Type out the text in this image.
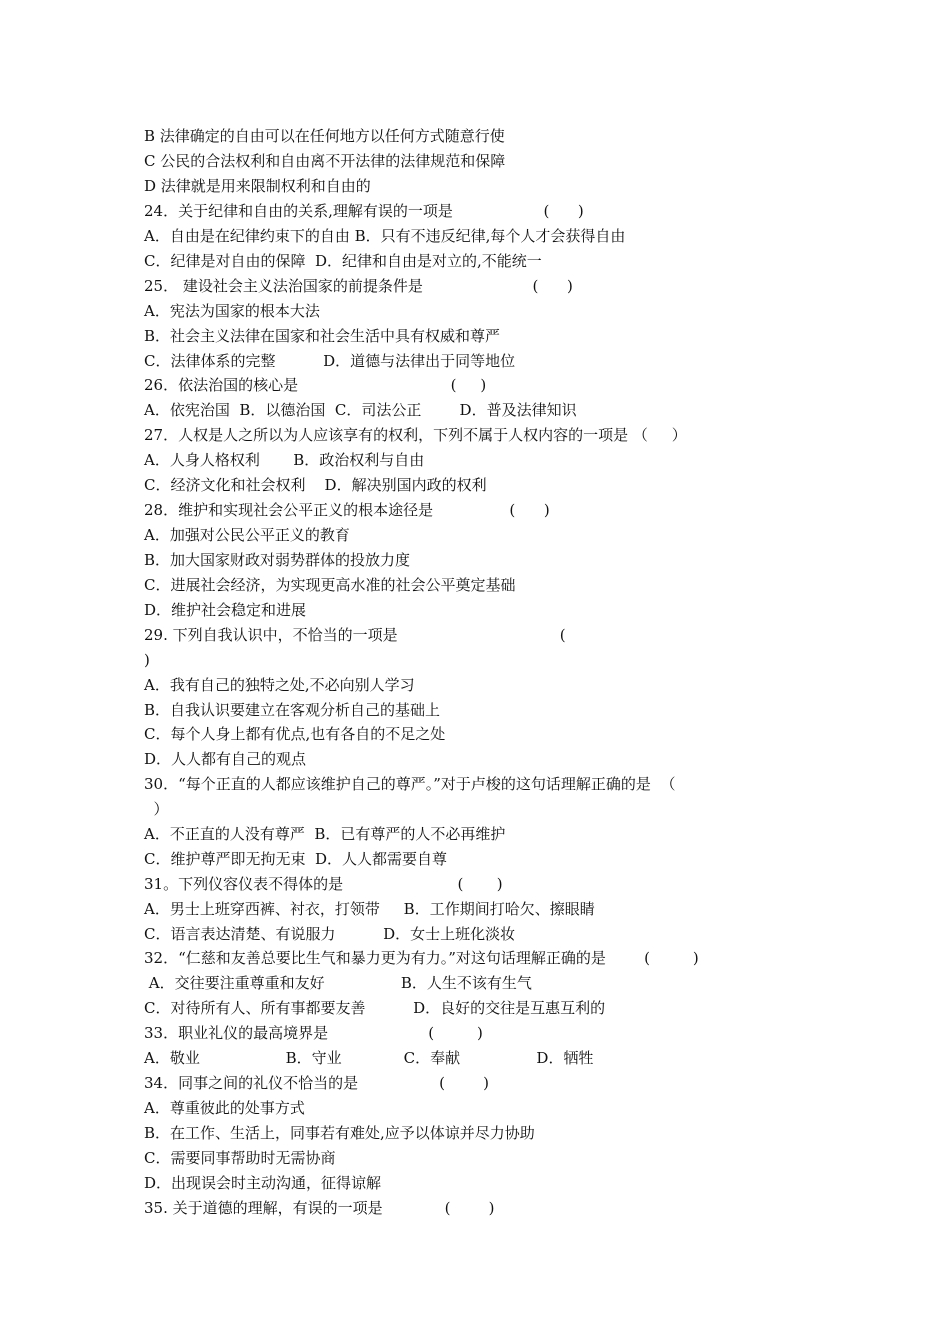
B 法律确定的自由可以在任何地方以任何方式随意行使
C 公民的合法权利和自由离不开法律的法律规范和保障
D 法律就是用来限制权利和自由的
24．关于纪律和自由的关系,理解有误的一项是                   (      )
A．自由是在纪律约束下的自由 B．只有不违反纪律,每个人才会获得自由
C．纪律是对自由的保障  D．纪律和自由是对立的,不能统一
25． 建设社会主义法治国家的前提条件是                       (      )
A．宪法为国家的根本大法
B．社会主义法律在国家和社会生活中具有权威和尊严
C．法律体系的完整          D．道德与法律出于同等地位
26．依法治国的核心是                                (     )
A．依宪治国  B．以德治国  C．司法公正        D．普及法律知识
27．人权是人之所以为人应该享有的权利，下列不属于人权内容的一项是 （     ）
A．人身人格权利       B．政治权利与自由
C．经济文化和社会权利    D．解决别国内政的权利
28．维护和实现社会公平正义的根本途径是                (      )
A．加强对公民公平正义的教育
B．加大国家财政对弱势群体的投放力度
C．进展社会经济，为实现更高水准的社会公平奠定基础
D．维护社会稳定和进展
29. 下列自我认识中，不恰当的一项是                                  (
)
A．我有自己的独特之处,不必向别人学习
B．自我认识要建立在客观分析自己的基础上
C．每个人身上都有优点,也有各自的不足之处
D．人人都有自己的观点
30．“每个正直的人都应该维护自己的尊严。”对于卢梭的这句话理解正确的是  （
）
A．不正直的人没有尊严  B．已有尊严的人不必再维护
C．维护尊严即无拘无束  D．人人都需要自尊
31。下列仪容仪表不得体的是                        (       )
A．男士上班穿西裤、衬衣，打领带     B．工作期间打哈欠、擦眼睛
C．语言表达清楚、有说服力          D．女士上班化淡妆
32．“仁慈和友善总要比生气和暴力更为有力。”对这句话理解正确的是        (         )
A．交往要注重尊重和友好                B．人生不该有生气
C．对待所有人、所有事都要友善          D．良好的交往是互惠互利的
33．职业礼仪的最高境界是                     (         )
A．敬业                  B．守业             C．奉献                D．牺牲
34．同事之间的礼仪不恰当的是                 (        )
A．尊重彼此的处事方式
B．在工作、生活上，同事若有难处,应予以体谅并尽力协助
C．需要同事帮助时无需协商
D．出现误会时主动沟通，征得谅解
35. 关于道德的理解，有误的一项是             (        )
